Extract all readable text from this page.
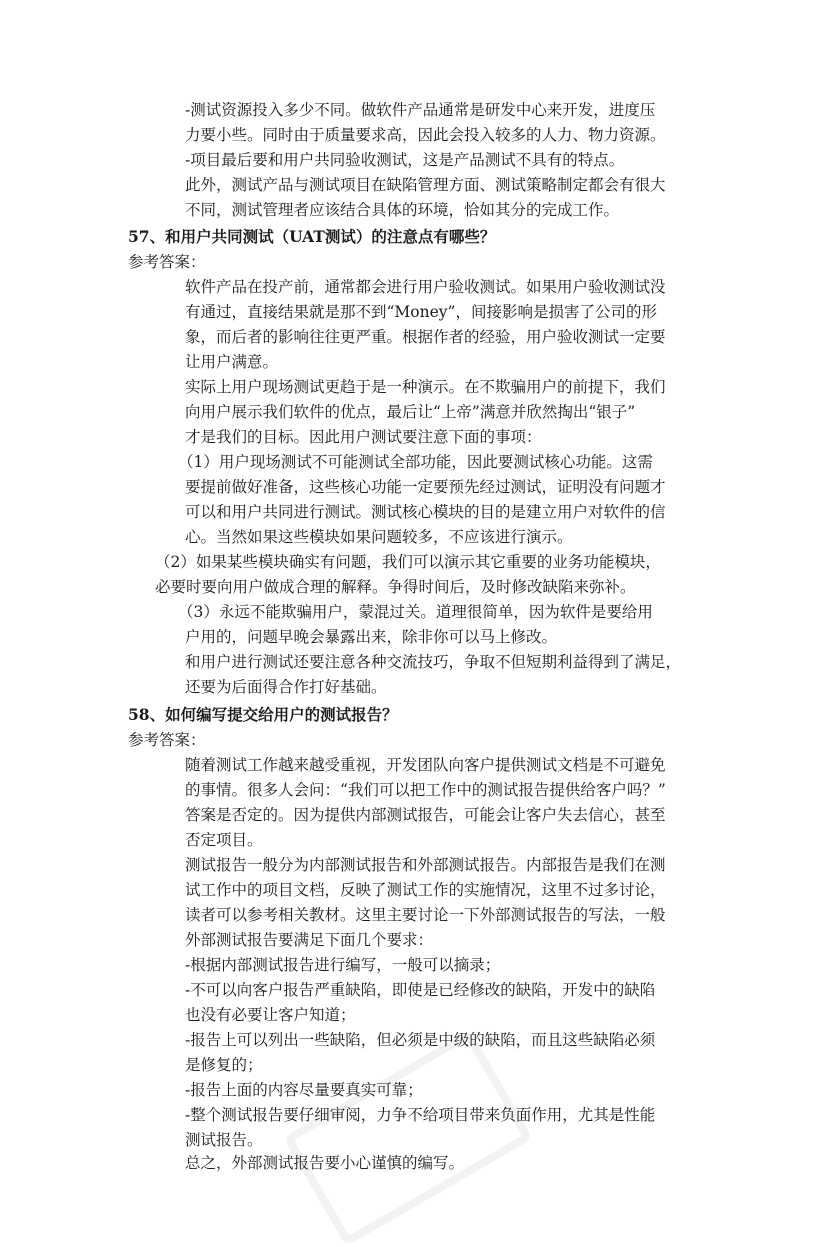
-测试资源投入多少不同。做软件产品通常是研发中心来开发，进度压
力要小些。同时由于质量要求高，因此会投入较多的人力、物力资源。
-项目最后要和用户共同验收测试，这是产品测试不具有的特点。
此外，测试产品与测试项目在缺陷管理方面、测试策略制定都会有很大
不同，测试管理者应该结合具体的环境，恰如其分的完成工作。
57、和用户共同测试（UAT测试）的注意点有哪些？
参考答案：
软件产品在投产前，通常都会进行用户验收测试。如果用户验收测试没
有通过，直接结果就是那不到“Money”，间接影响是损害了公司的形
象，而后者的影响往往更严重。根据作者的经验，用户验收测试一定要
让用户满意。
实际上用户现场测试更趋于是一种演示。在不欺骗用户的前提下，我们
向用户展示我们软件的优点，最后让“上帝”满意并欣然掏出“银子”
才是我们的目标。因此用户测试要注意下面的事项：
（1）用户现场测试不可能测试全部功能，因此要测试核心功能。这需
要提前做好准备，这些核心功能一定要预先经过测试，证明没有问题才
可以和用户共同进行测试。测试核心模块的目的是建立用户对软件的信
心。当然如果这些模块如果问题较多，不应该进行演示。
（2）如果某些模块确实有问题，我们可以演示其它重要的业务功能模块，
必要时要向用户做成合理的解释。争得时间后，及时修改缺陷来弥补。
（3）永远不能欺骗用户，蒙混过关。道理很简单，因为软件是要给用
户用的，问题早晚会暴露出来，除非你可以马上修改。
和用户进行测试还要注意各种交流技巧，争取不但短期利益得到了满足，
还要为后面得合作打好基础。
58、如何编写提交给用户的测试报告？
参考答案：
随着测试工作越来越受重视，开发团队向客户提供测试文档是不可避免
的事情。很多人会问：“我们可以把工作中的测试报告提供给客户吗？”
答案是否定的。因为提供内部测试报告，可能会让客户失去信心，甚至
否定项目。
测试报告一般分为内部测试报告和外部测试报告。内部报告是我们在测
试工作中的项目文档，反映了测试工作的实施情况，这里不过多讨论，
读者可以参考相关教材。这里主要讨论一下外部测试报告的写法，一般
外部测试报告要满足下面几个要求：
-根据内部测试报告进行编写，一般可以摘录；
-不可以向客户报告严重缺陷，即使是已经修改的缺陷，开发中的缺陷
也没有必要让客户知道；
-报告上可以列出一些缺陷，但必须是中级的缺陷，而且这些缺陷必须
是修复的；
-报告上面的内容尽量要真实可靠；
-整个测试报告要仔细审阅，力争不给项目带来负面作用，尤其是性能
测试报告。
总之，外部测试报告要小心谨慎的编写。
